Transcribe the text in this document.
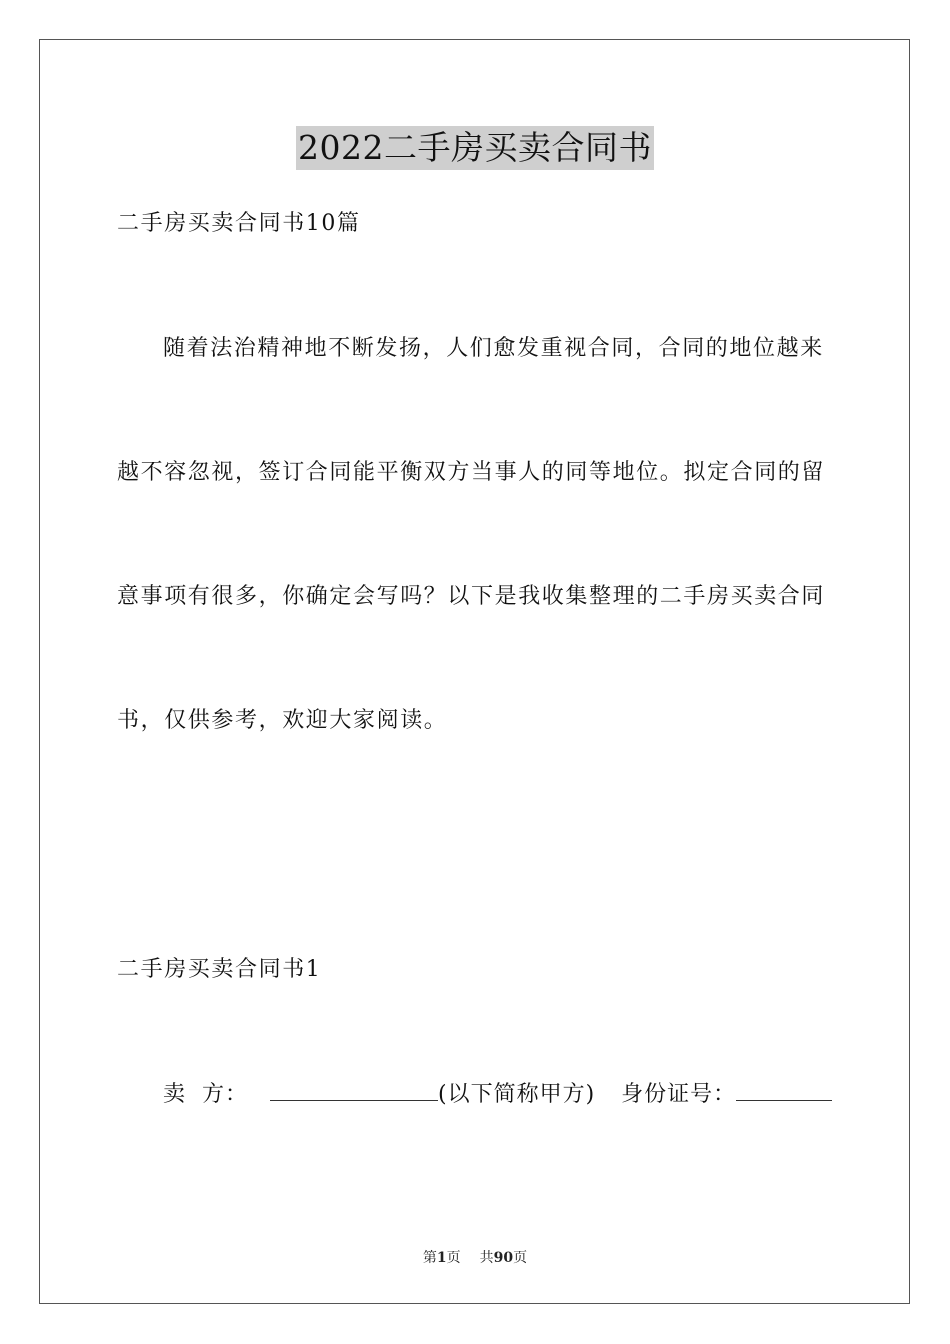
2022二手房买卖合同书
二手房买卖合同书10篇
随着法治精神地不断发扬，人们愈发重视合同，合同的地位越来
越不容忽视，签订合同能平衡双方当事人的同等地位。拟定合同的留
意事项有很多，你确定会写吗？以下是我收集整理的二手房买卖合同
书，仅供参考，欢迎大家阅读。
二手房买卖合同书1
卖  方：	(以下简称甲方) 身份证号：
第1页 共90页
